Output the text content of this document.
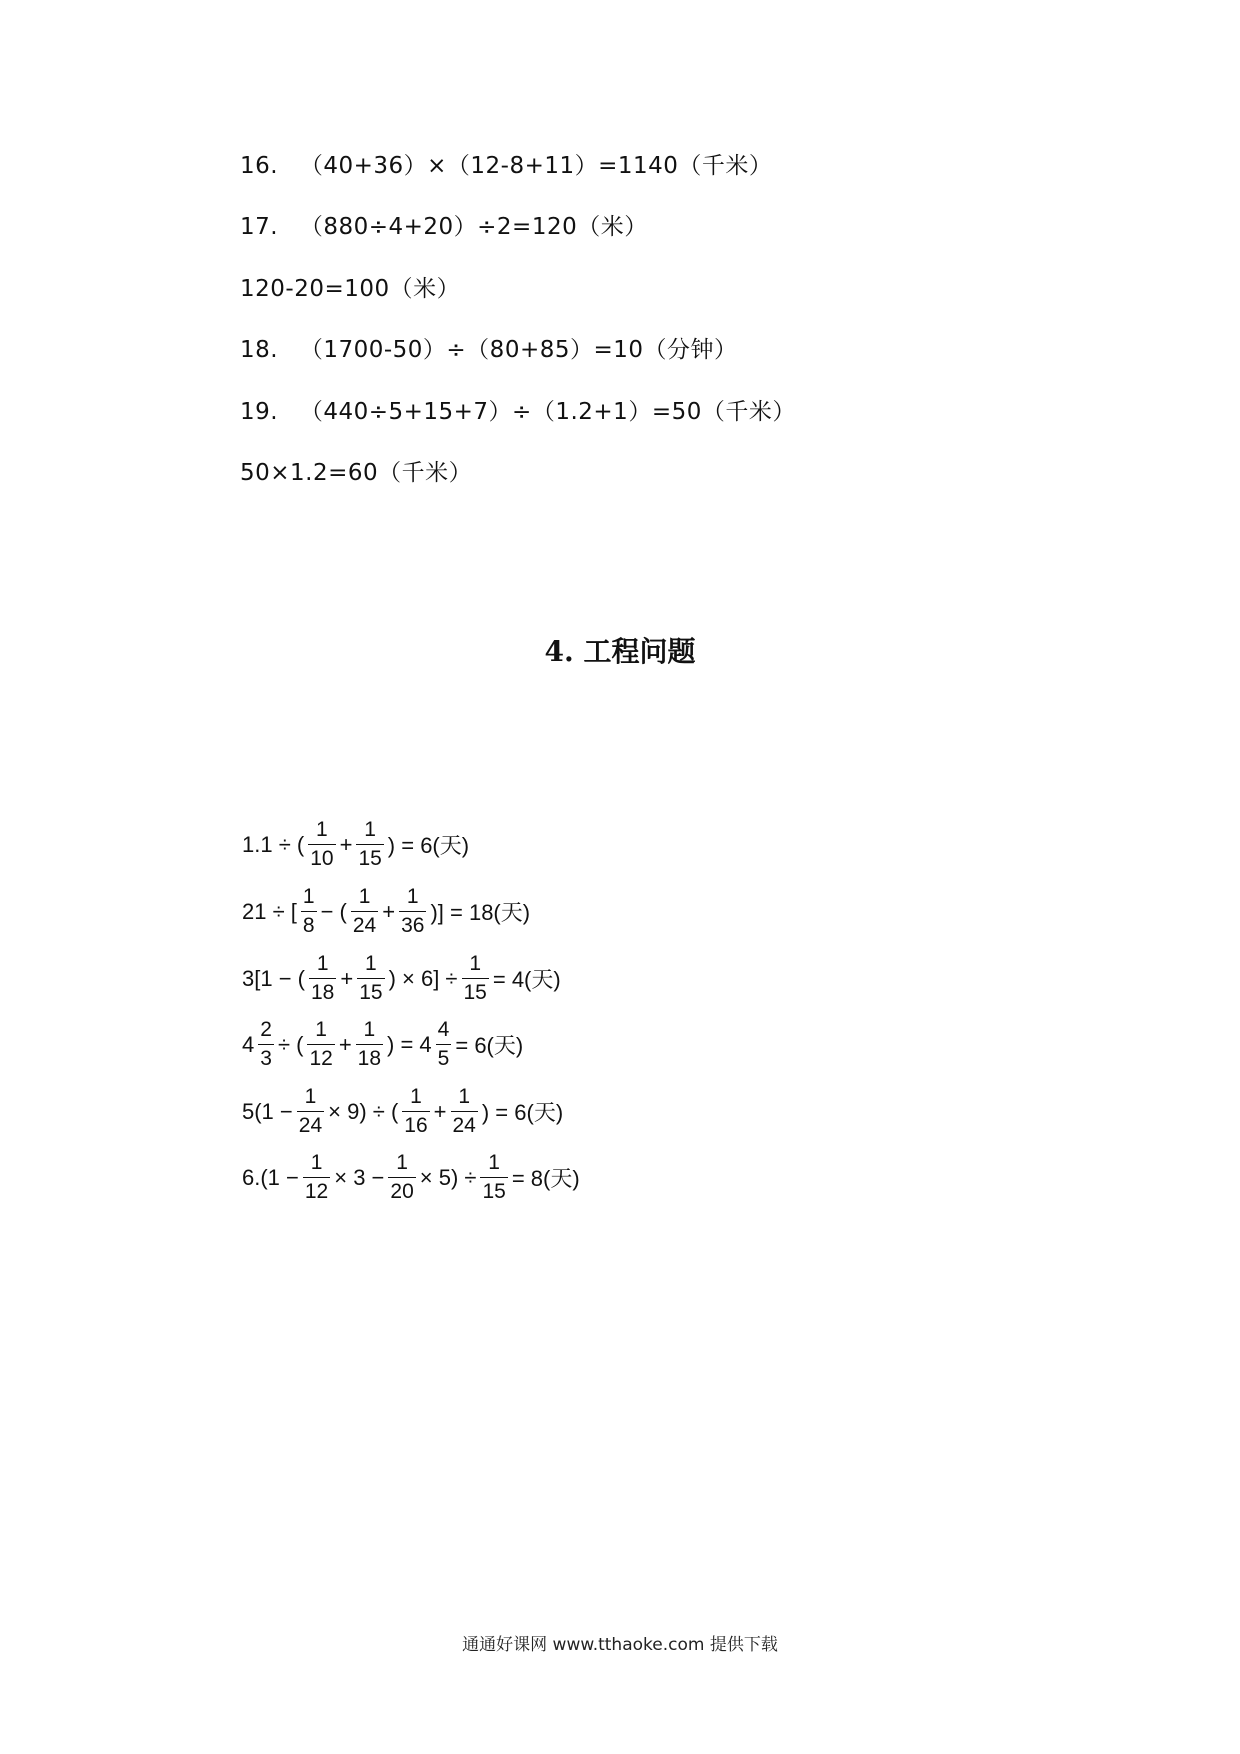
16. （40+36）×（12-8+11）=1140（千米）
17. （880÷4+20）÷2=120（米）
120-20=100（米）
18. （1700-50）÷（80+85）=10（分钟）
19. （440÷5+15+7）÷（1.2+1）=50（千米）
50×1.2=60（千米）
4. 工程问题
1.1 ÷ ( $\frac{1}{10} + \frac{1}{15}$ ) = 6(天)
21 ÷ [ $\frac{1}{8}$ − ( $\frac{1}{24} + \frac{1}{36}$ )] = 18(天)
3[1 − ( $\frac{1}{18} + \frac{1}{15}$ ) × $6] \div \frac{1}{15} = 4$(天)
$4 \frac{2}{3}$ ÷ ( $\frac{1}{12} + \frac{1}{18}$ ) = $4 \frac{4}{5} = 6$(天)
$5(1 - \frac{1}{24} \times 9)$ ÷ ( $\frac{1}{16} + \frac{1}{24}$ ) = 6(天)
$6.(1 - \frac{1}{12} \times 3 - \frac{1}{20} \times 5) \div \frac{1}{15} = 8$(天)
通通好课网 www.tthaoke.com 提供下载
